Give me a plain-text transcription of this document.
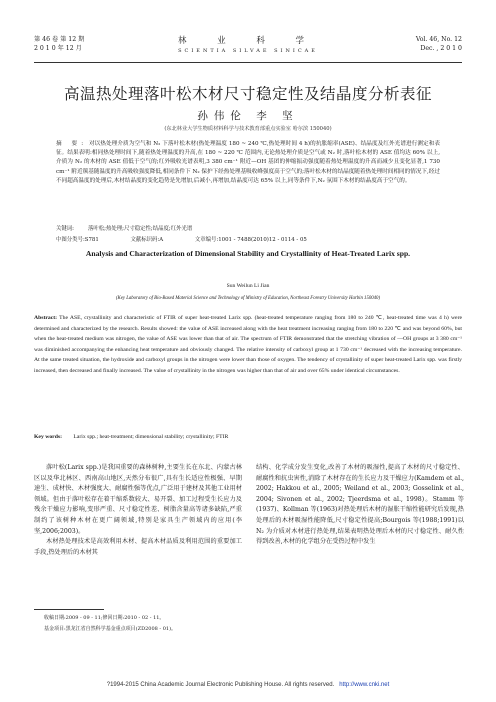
第 46 卷 第 12 期
2 0 1 0 年 12 月
林 业 科 学
SCIENTIA SILVAE SINICAE
Vol. 46, No. 12
Dec. , 2 0 1 0
高温热处理落叶松木材尺寸稳定性及结晶度分析表征
孙伟伦 李 坚
(东北林业大学生物质材料科学与技术教育部重点实验室 哈尔滨 150040)
摘 要: 对以热处理介质为空气和 N₂ 下落叶松木材(热处理温度 180 ~ 240 ℃,热处理时间 4 h)的抗胀缩率(ASE)、结晶度及红外光谱进行测定和表征。结果表明:相同热处理时间下,随着热处理温度的升高,在 180 ~ 220 ℃ 范围内,无论热处理介质是空气或 N₂ 时,落叶松木材的 ASE 值均达 60% 以上,介质为 N₂ 的木材的 ASE 值低于空气的;红外吸收光谱表明,3 380 cm⁻¹ 附近—OH 基团的伸缩振动强度随着热处理温度的升高而减少且变化显著,1 730 cm⁻¹ 附近羰基随温度的升高吸收强度降低,相同条件下 N₂ 保护下经热处理基吸收峰强度高于空气的;落叶松木材的结晶度随着热处理时间相同的情况下,经过不同超高温度的处理后,木材结晶度的变化趋势是先增加,后减小,再增加,结晶度可达 65% 以上,同等条件下,N₂ 氛围下木材的结晶度高于空气的。
关键词:	落叶松;热处理;尺寸稳定性;结晶度;红外光谱
中图分类号:S781	文献标识码:A	文章编号:1001 - 7488(2010)12 - 0114 - 05
Analysis and Characterization of Dimensional Stability and Crystallinity of Heat-Treated Larix spp.
Sun Weilun Li Jian
(Key Laboratory of Bio-Based Material Science and Technology of Ministry of Education, Northeast Forestry University Harbin 150040)
Abstract: The ASE, crystallinity and characteristic of FTIR of super heat-treated Larix spp. (heat-treated temperature ranging from 180 to 240 ℃, heat-treated time was 4 h) were determined and characterized by the research. Results showed: the value of ASE increased along with the heat treatment increasing ranging from 180 to 220 ℃ and was beyond 60%, but when the heat-treated medium was nitrogen, the value of ASE was lower than that of air. The spectrum of FTIR demonstrated that the stretching vibration of —OH groups at 3 380 cm⁻¹ was diminished accompanying the enhancing heat temperature and obviously changed. The relative intensity of carboxyl group at 1 730 cm⁻¹ decreased with the increasing temperature. At the same treated situation, the hydroxide and carboxyl groups in the nitrogen were lower than those of oxygen. The tendency of crystallinity of super heat-treated Larix spp. was firstly increased, then decreased and finally increased. The value of crystallinity in the nitrogen was higher than that of air and over 65% under identical circumstances.
Key words: Larix spp.; heat-treatment; dimensional stability; crystallinity; FTIR

落叶松(Larix spp.)是我国重要的森林树种,主要生长在东北、内蒙古林区以及华北林区、西南高山地区,天然分布很广,具有生长适应性极强、早期速生、成材快、木材强度大、耐腐性强等优点,广泛用于建材及其他工业用材领域。但由于落叶松存在着干缩系数较大、易开裂、加工过程受生长应力及残余干燥应力影响,变形严重、尺寸稳定性差、树脂含量高等诸多缺陷,严重制约了该树种木材在更广阔领域,特别是家具生产领域内的应用(李坚,2006;2003)。

木材热处理技术是高效利用木材、提高木材品质及利用范围的重要加工手段,热处理后的木材其

结构、化学成分发生变化,改善了木材的吸湿性,提高了木材的尺寸稳定性、耐腐性和抗虫害性,消除了木材存在的生长应力及干燥应力(Kamdem et al., 2002; Hakkou et al., 2005; Weiland et al., 2003; Gosselink et al., 2004; Sivonen et al., 2002; Tjeerdsma et al., 1998)。Stamm 等(1937)、Kollman 等(1963)对热处理后木材的湿胀干缩性能研究后发现,热处理后的木材吸湿性能降低,尺寸稳定性提高;Bourgois 等(1988;1991)以 N₂ 为介质对木材进行热处理,结果表明热处理后木材的尺寸稳定性、耐久性得到改善,木材的化学组分在受热过程中发生

收稿日期:2009 - 09 - 11;修回日期:2010 - 02 - 11。
基金项目:黑龙江省自然科学基金重点项目(ZD2008 - 01)。
?1994-2015 China Academic Journal Electronic Publishing House. All rights reserved. http://www.cnki.net
